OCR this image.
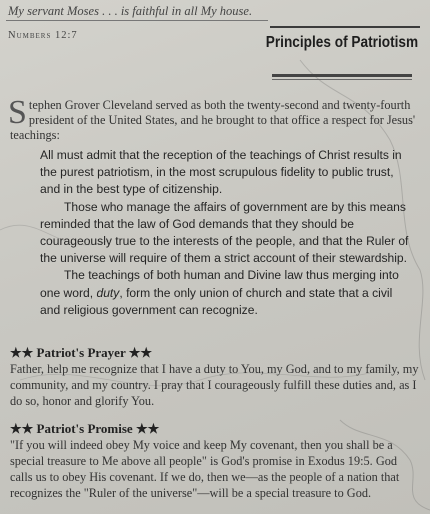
My servant Moses . . . is faithful in all My house.
Numbers 12:7	Principles of Patriotism
Stephen Grover Cleveland served as both the twenty-second and twenty-fourth president of the United States, and he brought to that office a respect for Jesus' teachings:

All must admit that the reception of the teachings of Christ results in the purest patriotism, in the most scrupulous fidelity to public trust, and in the best type of citizenship.

Those who manage the affairs of government are by this means reminded that the law of God demands that they should be courageously true to the interests of the people, and that the Ruler of the universe will require of them a strict account of their stewardship.

The teachings of both human and Divine law thus merging into one word, duty, form the only union of church and state that a civil and religious government can recognize.

★★ Patriot's Prayer ★★
Father, help me recognize that I have a duty to You, my God, and to my family, my community, and my country. I pray that I courageously fulfill these duties and, as I do so, honor and glorify You.
★★ Patriot's Promise ★★
"If you will indeed obey My voice and keep My covenant, then you shall be a special treasure to Me above all people" is God's promise in Exodus 19:5. God calls us to obey His covenant. If we do, then we—as the people of a nation that recognizes the "Ruler of the universe"—will be a special treasure to God.
